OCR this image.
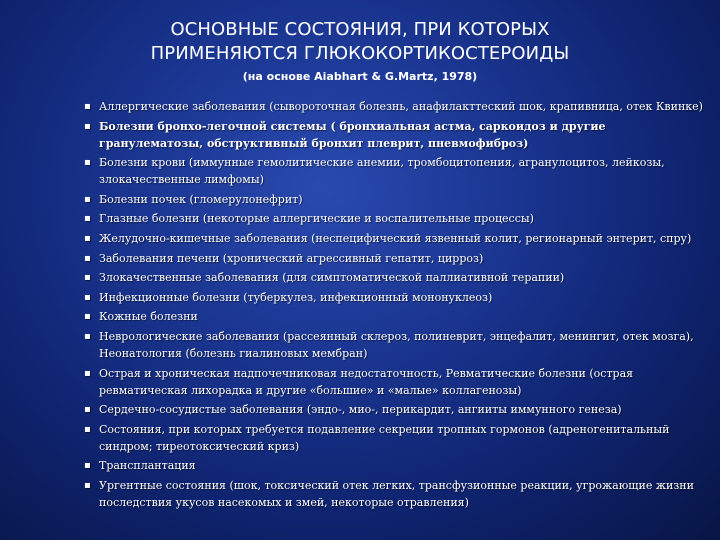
ОСНОВНЫЕ СОСТОЯНИЯ, ПРИ КОТОРЫХ
ПРИМЕНЯЮТСЯ ГЛЮКОКОРТИКОСТЕРОИДЫ
(на основе Aiabhart & G.Martz, 1978)
▪ Аллергические заболевания (сывороточная болезнь, анафилакттеский шок, крапивница, отек Квинке)
▪ Болезни бронхо-легочной системы ( бронхиальная астма, саркоидоз и другие гранулематозы, обструктивный бронхит плеврит, пневмофиброз)
▪ Болезни крови (иммунные гемолитические анемии, тромбоцитопения, агранулоцитоз, лейкозы, злокачественные лимфомы)
▪ Болезни почек (гломерулонефрит)
▪ Глазные болезни (некоторые аллергические и воспалительные процессы)
▪ Желудочно-кишечные заболевания (неспецифический язвенный колит, регионарный энтерит, спру)
▪ Заболевания печени (хронический агрессивный гепатит, цирроз)
▪ Злокачественные заболевания (для симптоматической паллиативной терапии)
▪ Инфекционные болезни (туберкулез, инфекционный мононуклеоз)
▪ Кожные болезни
▪ Неврологические заболевания (рассеянный склероз, полиневрит, энцефалит, менингит, отек мозга), Неонатология (болезнь гиалиновых мембран)
▪ Острая и хроническая надпочечниковая недостаточность, Ревматические болезни (острая ревматическая лихорадка и другие «большие» и «малые» коллагенозы)
▪ Сердечно-сосудистые заболевания (эндо-, мио-, перикардит, ангииты иммунного генеза)
▪ Состояния, при которых требуется подавление секреции тропных гормонов (адреногенитальный синдром; тиреотоксический криз)
▪ Трансплантация
▪ Ургентные состояния (шок, токсический отек легких, трансфузионные реакции, угрожающие жизни последствия укусов насекомых и змей, некоторые отравления)
